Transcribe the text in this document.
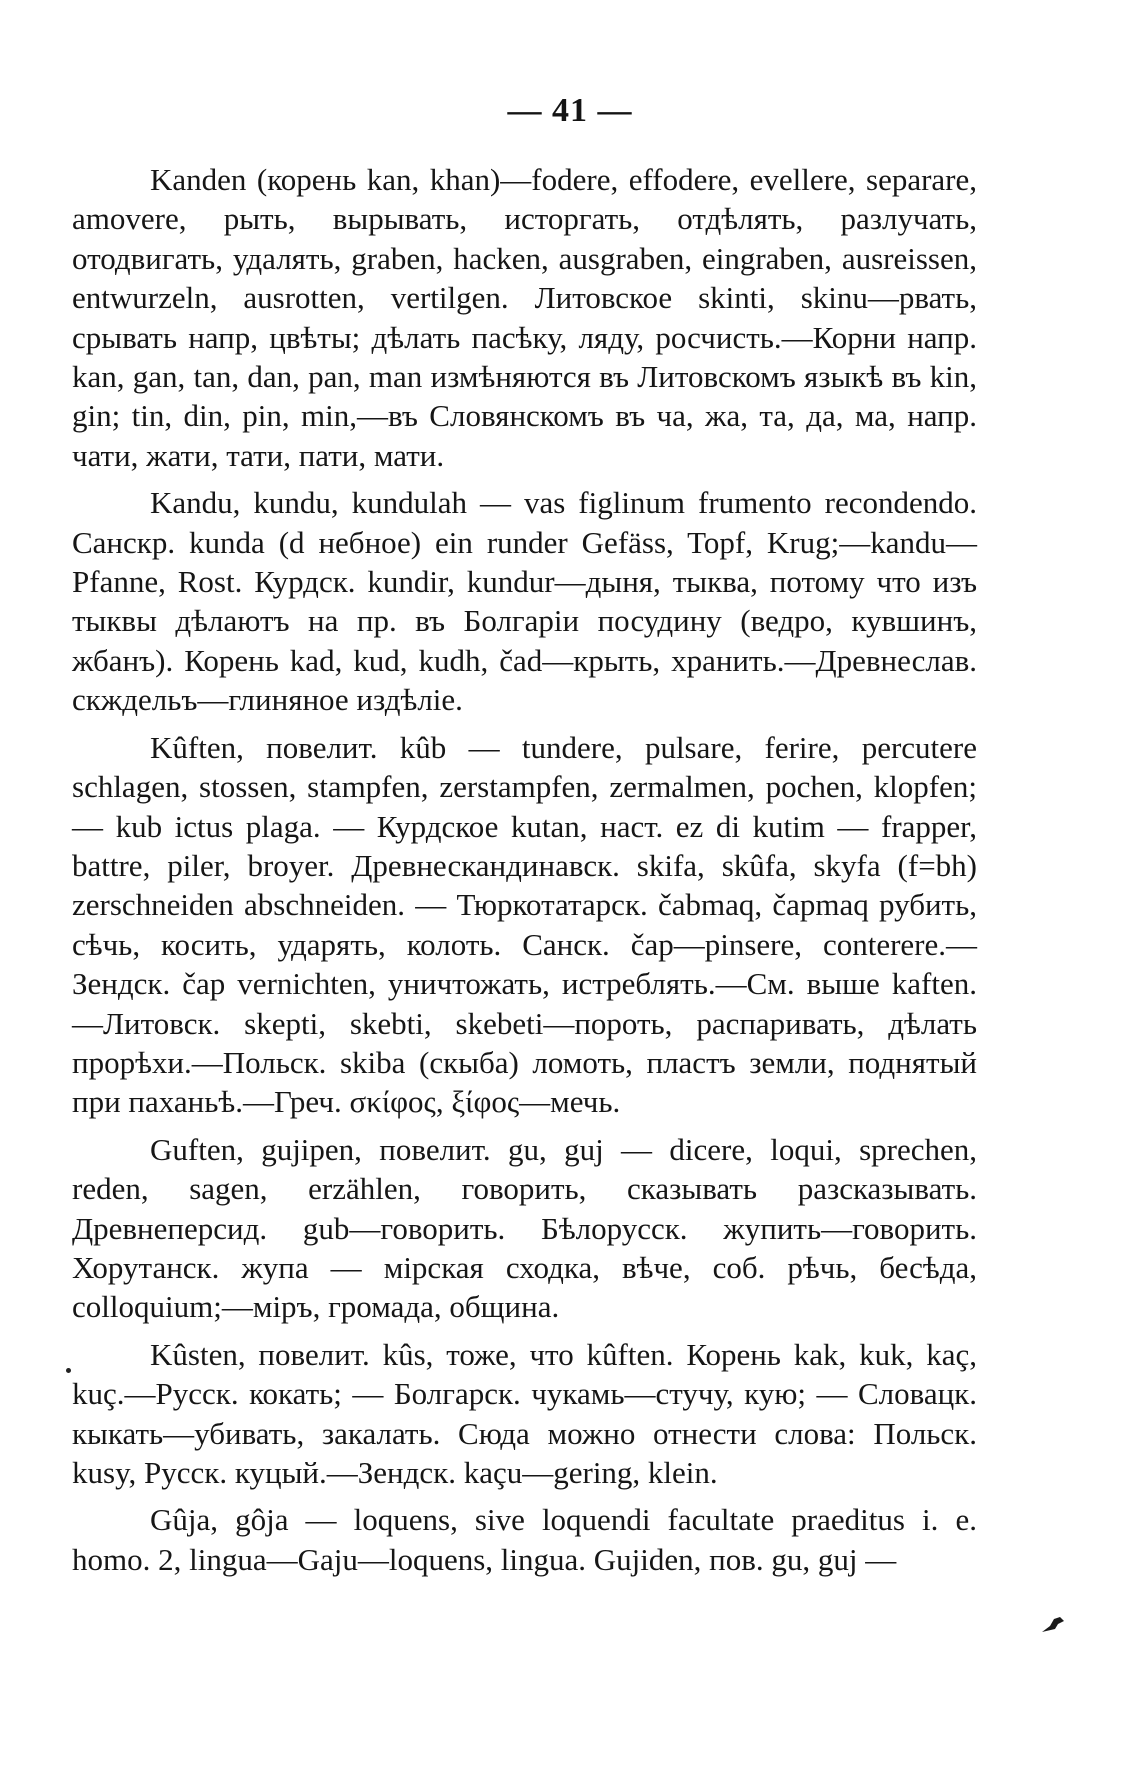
— 41 —

Kanden (корень kan, khan)—fodere, effodere, evellere, separare, amovere, рыть, вырывать, исторгать, отдѣлять, разлучать, отодвигать, удалять, graben, hacken, ausgraben, eingraben, ausreissen, entwurzeln, ausrotten, vertilgen. Литовское skinti, skinu—рвать, срывать напр, цвѣты; дѣлать пасѣку, ляду, росчисть.—Корни напр. kan, gan, tan, dan, pan, man измѣняются въ Литовскомъ языкѣ въ kin, gin; tin, din, pin, min,—въ Словянскомъ въ ча, жа, та, да, ма, напр. чати, жати, тати, пати, мати.

Kandu, kundu, kundulah — vas figlinum frumento recondendo. Санскр. kunda (d небное) ein runder Gefäss, Topf, Krug;—kandu—Pfanne, Rost. Курдск. kundir, kundur—дыня, тыква, потому что изъ тыквы дѣлаютъ на пр. въ Болгаріи посудину (ведро, кувшинъ, жбанъ). Корень kad, kud, kudh, čad—крыть, хранить.—Древнеслав. скждельъ—глиняное издѣліе.

Kûften, повелит. kûb — tundere, pulsare, ferire, percutere schlagen, stossen, stampfen, zerstampfen, zermalmen, pochen, klopfen; — kub ictus plaga. — Курдское kutan, наст. ez di kutim — frapper, battre, piler, broyer. Древнескандинавск. skifa, skûfa, skyfa (f=bh) zerschneiden abschneiden. — Тюркотатарск. čabmaq, čapmaq рубить, сѣчь, косить, ударять, колоть. Санск. čap—pinsere, conterere.—Зендск. čap vernichten, уничтожать, истреблять.—См. выше kaften.—Литовск. skepti, skebti, skebeti—пороть, распаривать, дѣлать прорѣхи.—Польск. skiba (скыба) ломоть, пластъ земли, поднятый при паханьѣ.—Греч. σκίφος, ξίφος—мечь.

Guften, gujipen, повелит. gu, guj — dicere, loqui, sprechen, reden, sagen, erzählen, говорить, сказывать разсказывать. Древнеперсид. gub—говорить. Бѣлорусск. жупить—говорить. Хорутанск. жупа — мірская сходка, вѣче, соб. рѣчь, бесѣда, colloquium;—міръ, громада, община.

Kûsten, повелит. kûs, тоже, что kûften. Корень kak, kuk, kaç, kuç.—Русск. кокать; — Болгарск. чукамь—стучу, кую; — Словацк. кыкать—убивать, закалать. Сюда можно отнести слова: Польск. kusy, Русск. куцый.—Зендск. kaçu—gering, klein.

Gûja, gôja — loquens, sive loquendi facultate praeditus i. e. homo. 2, lingua—Gaju—loquens, lingua. Gujiden, пов. gu, guj —
